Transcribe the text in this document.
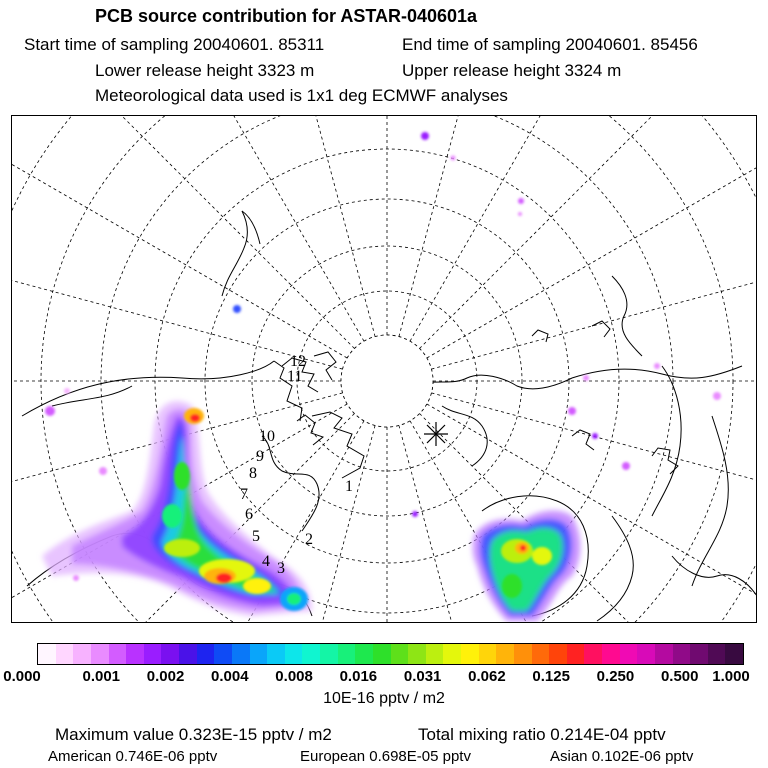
PCB source contribution for ASTAR-040601a
Start time of sampling 20040601. 85311	End time of sampling 20040601. 85456
Lower release height 3323 m	Upper release height 3324 m
Meteorological data used is 1x1 deg ECMWF analyses
12
11
10
9
8
7
6
5
4 3
2
1
0.000	0.001 0.002 0.004 0.008 0.016 0.031 0.062 0.125 0.250 0.500 1.000
10E-16 pptv / m2
Maximum value 0.323E-15 pptv / m2	Total mixing ratio 0.214E-04 pptv
American 0.746E-06 pptv	European 0.698E-05 pptv	Asian 0.102E-06 pptv
